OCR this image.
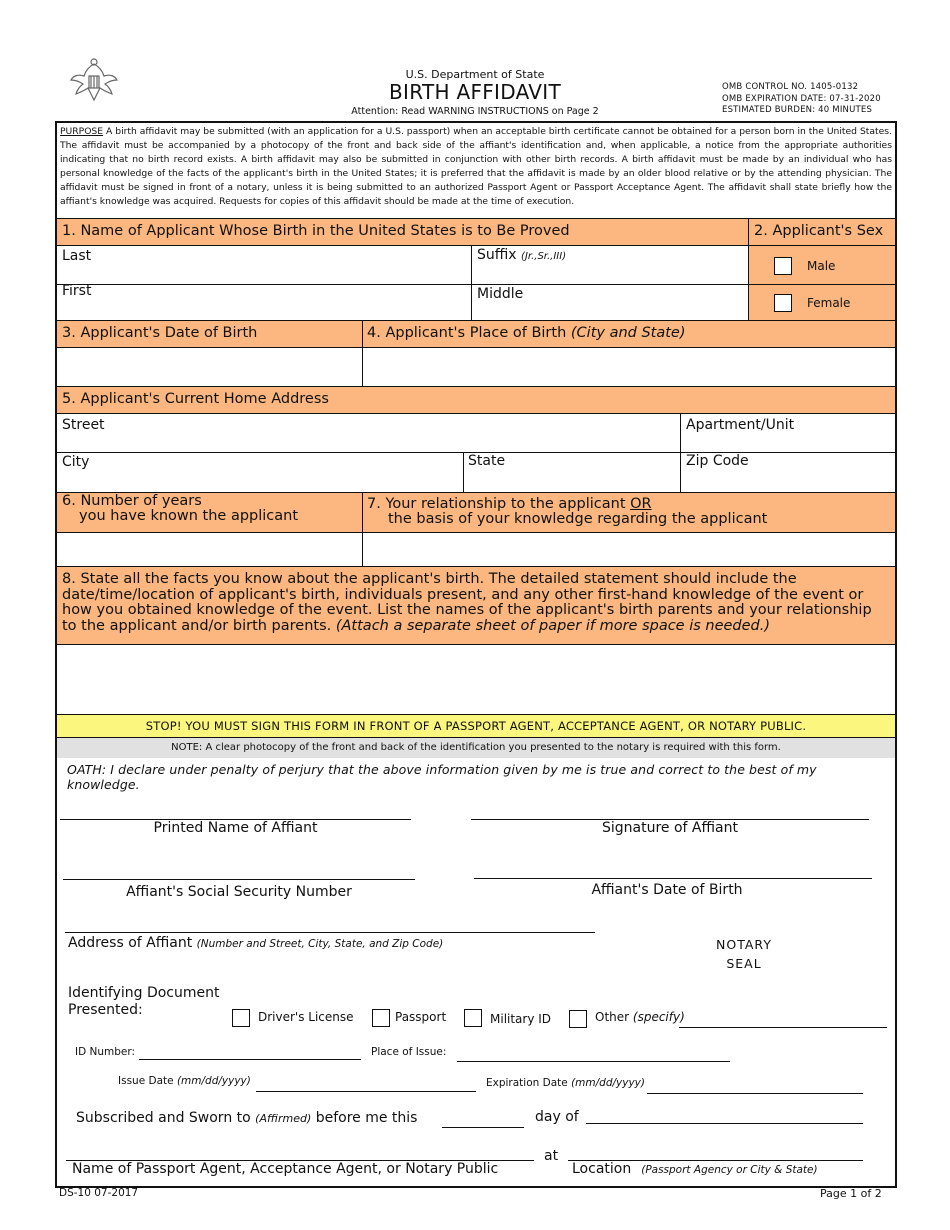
U.S. Department of State
BIRTH AFFIDAVIT
Attention: Read WARNING INSTRUCTIONS on Page 2
OMB CONTROL NO. 1405-0132
OMB EXPIRATION DATE: 07-31-2020
ESTIMATED BURDEN: 40 MINUTES
PURPOSE A birth affidavit may be submitted (with an application for a U.S. passport) when an acceptable birth certificate cannot be obtained for a person born in the United States. The affidavit must be accompanied by a photocopy of the front and back side of the affiant's identification and, when applicable, a notice from the appropriate authorities indicating that no birth record exists. A birth affidavit may also be submitted in conjunction with other birth records. A birth affidavit must be made by an individual who has personal knowledge of the facts of the applicant's birth in the United States; it is preferred that the affidavit is made by an older blood relative or by the attending physician. The affidavit must be signed in front of a notary, unless it is being submitted to an authorized Passport Agent or Passport Acceptance Agent. The affidavit shall state briefly how the affiant's knowledge was acquired. Requests for copies of this affidavit should be made at the time of execution.
1. Name of Applicant Whose Birth in the United States is to Be Proved	2. Applicant's Sex
Last	Suffix (Jr.,Sr.,III)
First	Middle
Male
Female
3. Applicant's Date of Birth	4. Applicant's Place of Birth (City and State)
5. Applicant's Current Home Address
Street	Apartment/Unit
City	State	Zip Code
6. Number of years
you have known the applicant
7. Your relationship to the applicant OR
the basis of your knowledge regarding the applicant
8. State all the facts you know about the applicant's birth. The detailed statement should include the date/time/location of applicant's birth, individuals present, and any other first-hand knowledge of the event or how you obtained knowledge of the event. List the names of the applicant's birth parents and your relationship to the applicant and/or birth parents. (Attach a separate sheet of paper if more space is needed.)
STOP! YOU MUST SIGN THIS FORM IN FRONT OF A PASSPORT AGENT, ACCEPTANCE AGENT, OR NOTARY PUBLIC.
NOTE: A clear photocopy of the front and back of the identification you presented to the notary is required with this form.
OATH: I declare under penalty of perjury that the above information given by me is true and correct to the best of my knowledge.
Printed Name of Affiant	Signature of Affiant
Affiant's Social Security Number	Affiant's Date of Birth
Address of Affiant (Number and Street, City, State, and Zip Code)	NOTARY
SEAL
Identifying Document
Presented:	Driver's License	Passport	Military ID	Other (specify)
ID Number:	Place of Issue:
Issue Date (mm/dd/yyyy)	Expiration Date (mm/dd/yyyy)
Subscribed and Sworn to (Affirmed) before me this	day of
Name of Passport Agent, Acceptance Agent, or Notary Public
at
Location (Passport Agency or City & State)
DS-10 07-2017	Page 1 of 2
